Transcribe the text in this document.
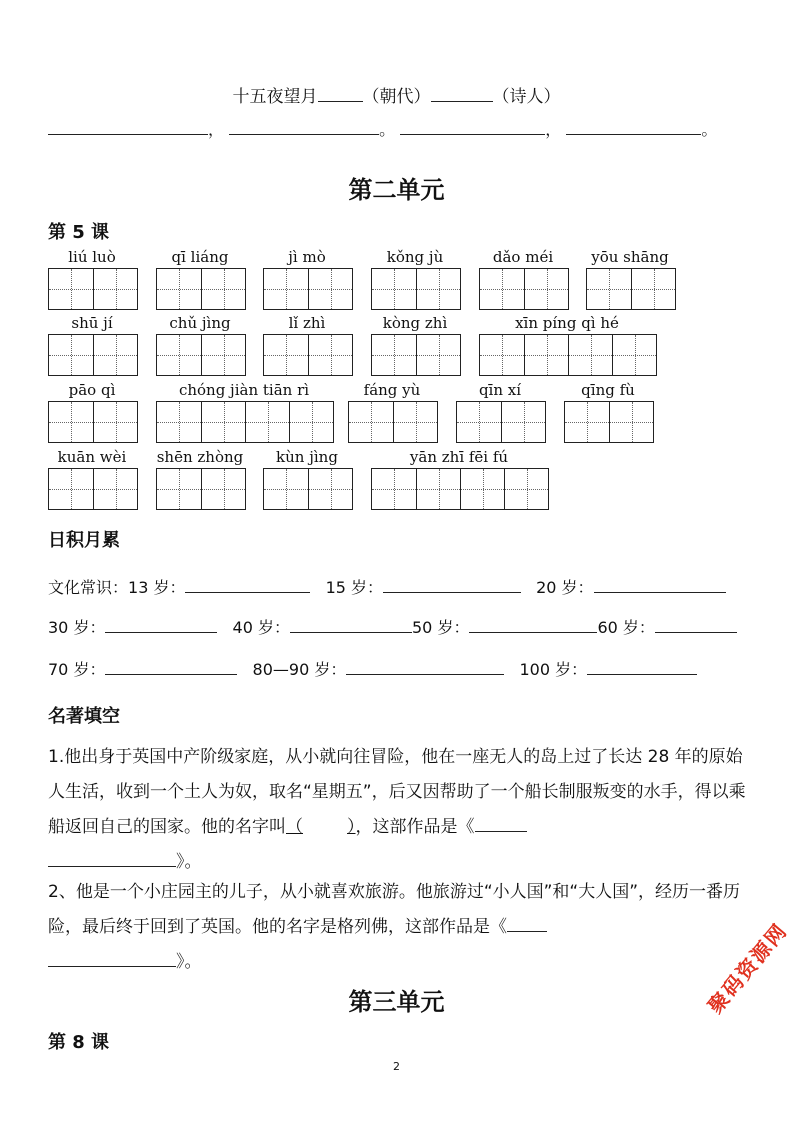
十五夜望月	（朝代）	（诗人）
，	。	，	。
第二单元
第 5 课
liú luò	qī liáng	jì mò	kǒng jù	dǎo méi	yōu shāng
shū jí	chǔ jìng	lǐ zhì	kòng zhì	xīn píng qì hé
pāo qì	chóng jiàn tiān rì	fáng yù	qīn xí	qīng fù
kuān wèi	shēn zhòng	kùn jìng	yān zhī fēi fú
日积月累
文化常识：13 岁：	15 岁：	20 岁：
30 岁：	40 岁：	50 岁：	60 岁：
70 岁：	80—90 岁：	100 岁：
名著填空
1.他出身于英国中产阶级家庭，从小就向往冒险，他在一座无人的岛上过了长达 28 年的原始人生活，收到一个土人为奴，取名“星期五”，后又因帮助了一个船长制服叛变的水手，得以乘船返回自己的国家。他的名字叫（	），这部作品是《
》。
2、他是一个小庄园主的儿子，从小就喜欢旅游。他旅游过“小人国”和“大人国”，经历一番历险，最后终于回到了英国。他的名字是格列佛，这部作品是《
》。
第三单元
第 8 课
2
聚码资源网
